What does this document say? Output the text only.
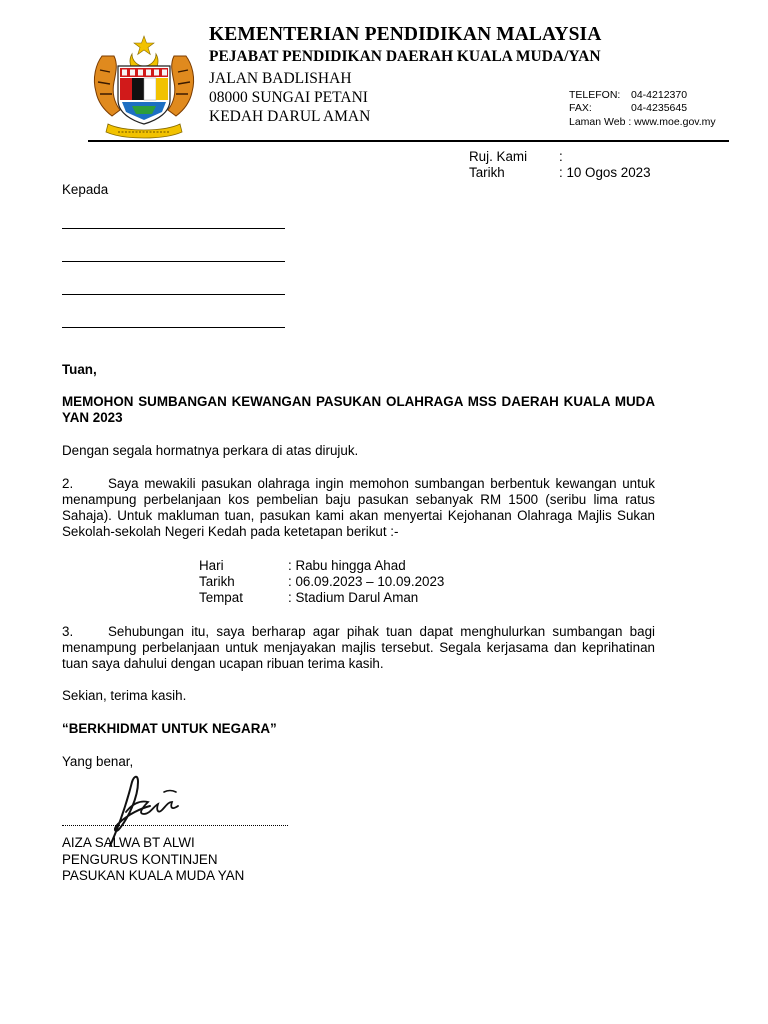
KEMENTERIAN PENDIDIKAN MALAYSIA
PEJABAT PENDIDIKAN DAERAH KUALA MUDA/YAN
JALAN BADLISHAH
08000 SUNGAI PETANI
KEDAH DARUL AMAN
TELEFON: 04-4212370
FAX:	04-4235645
Laman Web : www.moe.gov.my
Ruj. Kami :
Tarikh	: 10 Ogos 2023
Kepada
Tuan,
MEMOHON SUMBANGAN KEWANGAN PASUKAN OLAHRAGA MSS DAERAH KUALA MUDA YAN 2023
Dengan segala hormatnya perkara di atas dirujuk.
2.	Saya mewakili pasukan olahraga ingin memohon sumbangan berbentuk kewangan untuk menampung perbelanjaan kos pembelian baju pasukan sebanyak RM 1500 (seribu lima ratus Sahaja). Untuk makluman tuan, pasukan kami akan menyertai Kejohanan Olahraga Majlis Sukan Sekolah-sekolah Negeri Kedah pada ketetapan berikut :-
Hari	: Rabu hingga Ahad
Tarikh	: 06.09.2023 – 10.09.2023
Tempat	: Stadium Darul Aman
3.	Sehubungan itu, saya berharap agar pihak tuan dapat menghulurkan sumbangan bagi menampung perbelanjaan untuk menjayakan majlis tersebut. Segala kerjasama dan keprihatinan tuan saya dahului dengan ucapan ribuan terima kasih.
Sekian, terima kasih.
“BERKHIDMAT UNTUK NEGARA”
Yang benar,
AIZA SALWA BT ALWI
PENGURUS KONTINJEN
PASUKAN KUALA MUDA YAN
